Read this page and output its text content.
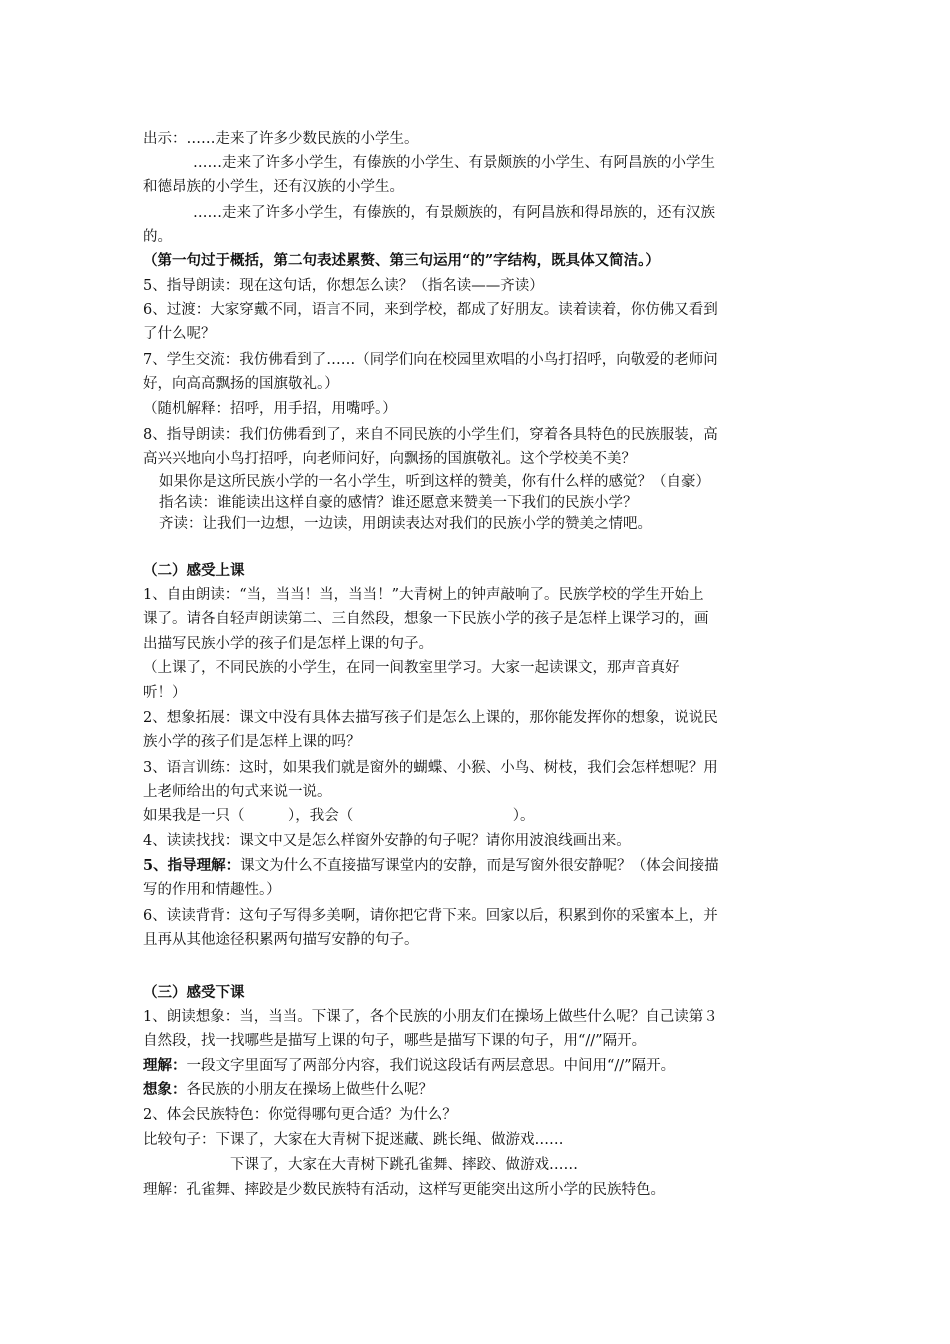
出示：……走来了许多少数民族的小学生。
……走来了许多小学生，有傣族的小学生、有景颇族的小学生、有阿昌族的小学生
和德昂族的小学生，还有汉族的小学生。
……走来了许多小学生，有傣族的，有景颇族的，有阿昌族和得昂族的，还有汉族
的。
（第一句过于概括，第二句表述累赘、第三句运用“的”字结构，既具体又简洁。）
5、指导朗读：现在这句话，你想怎么读？（指名读——齐读）
6、过渡：大家穿戴不同，语言不同，来到学校，都成了好朋友。读着读着，你仿佛又看到
了什么呢？
7、学生交流：我仿佛看到了……（同学们向在校园里欢唱的小鸟打招呼，向敬爱的老师问
好，向高高飘扬的国旗敬礼。）
（随机解释：招呼，用手招，用嘴呼。）
8、指导朗读：我们仿佛看到了，来自不同民族的小学生们，穿着各具特色的民族服装，高
高兴兴地向小鸟打招呼，向老师问好，向飘扬的国旗敬礼。这个学校美不美？
如果你是这所民族小学的一名小学生，听到这样的赞美，你有什么样的感觉？（自豪）
指名读：谁能读出这样自豪的感情？谁还愿意来赞美一下我们的民族小学？
齐读：让我们一边想，一边读，用朗读表达对我们的民族小学的赞美之情吧。
（二）感受上课
1、自由朗读：“当，当当！当，当当！”大青树上的钟声敲响了。民族学校的学生开始上
课了。请各自轻声朗读第二、三自然段，想象一下民族小学的孩子是怎样上课学习的，画
出描写民族小学的孩子们是怎样上课的句子。
（上课了，不同民族的小学生，在同一间教室里学习。大家一起读课文，那声音真好
听！）
2、想象拓展：课文中没有具体去描写孩子们是怎么上课的，那你能发挥你的想象，说说民
族小学的孩子们是怎样上课的吗？
3、语言训练：这时，如果我们就是窗外的蝴蝶、小猴、小鸟、树枝，我们会怎样想呢？用
上老师给出的句式来说一说。
如果我是一只（　　　），我会（　　　　　　　　　　　）。
4、读读找找：课文中又是怎么样窗外安静的句子呢？请你用波浪线画出来。
5、指导理解：课文为什么不直接描写课堂内的安静，而是写窗外很安静呢？（体会间接描
写的作用和情趣性。）
6、读读背背：这句子写得多美啊，请你把它背下来。回家以后，积累到你的采蜜本上，并
且再从其他途径积累两句描写安静的句子。
（三）感受下课
1、朗读想象：当，当当。下课了，各个民族的小朋友们在操场上做些什么呢？自己读第３
自然段，找一找哪些是描写上课的句子，哪些是描写下课的句子，用“//”隔开。
理解：一段文字里面写了两部分内容，我们说这段话有两层意思。中间用“//”隔开。
想象：各民族的小朋友在操场上做些什么呢？
2、体会民族特色：你觉得哪句更合适？为什么？
比较句子：下课了，大家在大青树下捉迷藏、跳长绳、做游戏……
下课了，大家在大青树下跳孔雀舞、摔跤、做游戏……
理解：孔雀舞、摔跤是少数民族特有活动，这样写更能突出这所小学的民族特色。
